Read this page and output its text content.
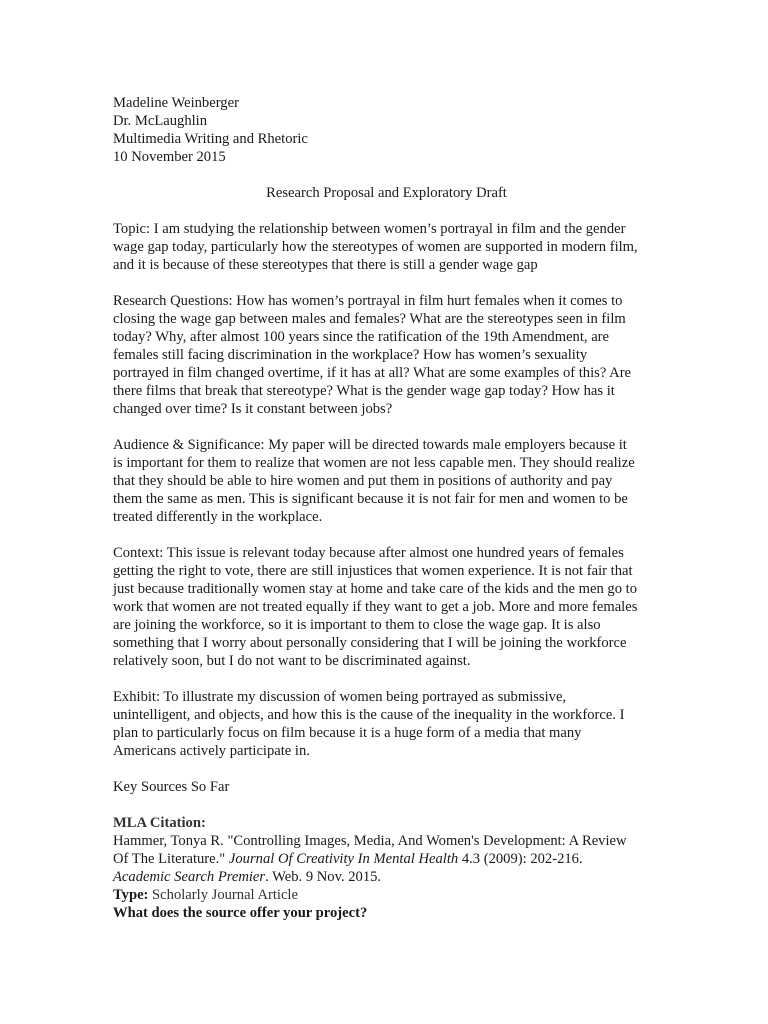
Madeline Weinberger
Dr. McLaughlin
Multimedia Writing and Rhetoric
10 November 2015
Research Proposal and Exploratory Draft
Topic: I am studying the relationship between women’s portrayal in film and the gender
wage gap today, particularly how the stereotypes of women are supported in modern film,
and it is because of these stereotypes that there is still a gender wage gap
Research Questions: How has women’s portrayal in film hurt females when it comes to
closing the wage gap between males and females? What are the stereotypes seen in film
today? Why, after almost 100 years since the ratification of the 19th Amendment, are
females still facing discrimination in the workplace? How has women’s sexuality
portrayed in film changed overtime, if it has at all? What are some examples of this? Are
there films that break that stereotype? What is the gender wage gap today? How has it
changed over time? Is it constant between jobs?
Audience & Significance: My paper will be directed towards male employers because it
is important for them to realize that women are not less capable men. They should realize
that they should be able to hire women and put them in positions of authority and pay
them the same as men. This is significant because it is not fair for men and women to be
treated differently in the workplace.
Context: This issue is relevant today because after almost one hundred years of females
getting the right to vote, there are still injustices that women experience. It is not fair that
just because traditionally women stay at home and take care of the kids and the men go to
work that women are not treated equally if they want to get a job. More and more females
are joining the workforce, so it is important to them to close the wage gap. It is also
something that I worry about personally considering that I will be joining the workforce
relatively soon, but I do not want to be discriminated against.
Exhibit: To illustrate my discussion of women being portrayed as submissive,
unintelligent, and objects, and how this is the cause of the inequality in the workforce. I
plan to particularly focus on film because it is a huge form of a media that many
Americans actively participate in.
Key Sources So Far
MLA Citation:
Hammer, Tonya R. "Controlling Images, Media, And Women's Development: A Review
Of The Literature." Journal Of Creativity In Mental Health 4.3 (2009): 202-216.
Academic Search Premier. Web. 9 Nov. 2015.
Type: Scholarly Journal Article
What does the source offer your project?
